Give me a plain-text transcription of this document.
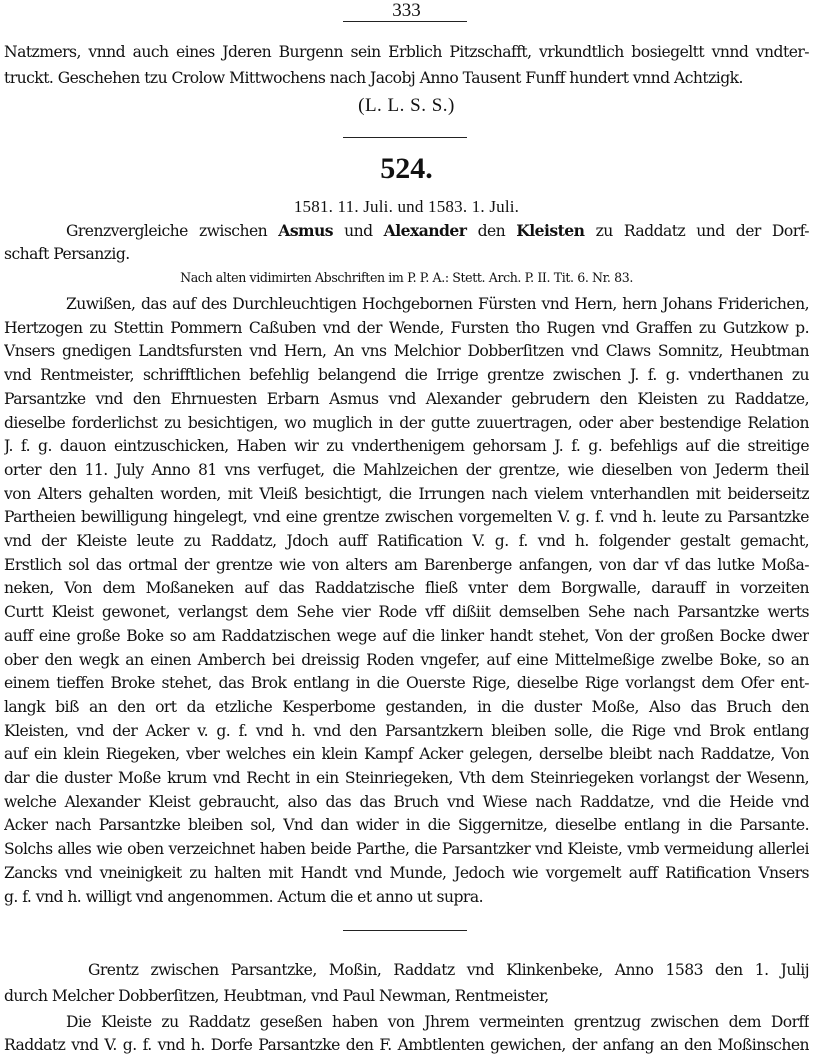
333
Natzmers, vnnd auch eines Jderen Burgenn sein Erblich Pitzschafft, vrkundtlich bosiegeltt vnnd vndter-
truckt. Geschehen tzu Crolow Mittwochens nach Jacobj Anno Tausent Funff hundert vnnd Achtzigk.
(L. L. S. S.)
524.
1581. 11. Juli. und 1583. 1. Juli.
Grenzvergleiche zwischen Asmus und Alexander den Kleisten zu Raddatz und der Dorf-
schaft Persanzig.
Nach alten vidimirten Abschriften im P. P. A.: Stett. Arch. P. II. Tit. 6. Nr. 83.
Zuwißen, das auf des Durchleuchtigen Hochgebornen Fürsten vnd Hern, hern Johans Friderichen,
Hertzogen zu Stettin Pommern Caßuben vnd der Wende, Fursten tho Rugen vnd Graffen zu Gutzkow p.
Vnsers gnedigen Landtsfursten vnd Hern, An vns Melchior Dobberſitzen vnd Claws Somnitz, Heubtman
vnd Rentmeister, schrifftlichen befehlig belangend die Irrige grentze zwischen J. f. g. vnderthanen zu
Parsantzke vnd den Ehrnuesten Erbarn Asmus vnd Alexander gebrudern den Kleisten zu Raddatze,
dieselbe forderlichst zu besichtigen, wo muglich in der gutte zuuertragen, oder aber bestendige Relation
J. f. g. dauon eintzuschicken, Haben wir zu vnderthenigem gehorsam J. f. g. befehligs auf die streitige
orter den 11. July Anno 81 vns verfuget, die Mahlzeichen der grentze, wie dieselben von Jederm theil
von Alters gehalten worden, mit Vleiß besichtigt, die Irrungen nach vielem vnterhandlen mit beiderseitz
Partheien bewilligung hingelegt, vnd eine grentze zwischen vorgemelten V. g. f. vnd h. leute zu Parsantzke
vnd der Kleiste leute zu Raddatz, Jdoch auff Ratification V. g. f. vnd h. folgender gestalt gemacht,
Erstlich sol das ortmal der grentze wie von alters am Barenberge anfangen, von dar vf das lutke Moßa-
neken, Von dem Moßaneken auf das Raddatzische fließ vnter dem Borgwalle, darauff in vorzeiten
Curtt Kleist gewonet, verlangst dem Sehe vier Rode vff dißiit demselben Sehe nach Parsantzke werts
auff eine große Boke so am Raddatzischen wege auf die linker handt stehet, Von der großen Bocke dwer
ober den wegk an einen Amberch bei dreissig Roden vngefer, auf eine Mittelmeßige zwelbe Boke, so an
einem tieffen Broke stehet, das Brok entlang in die Ouerste Rige, dieselbe Rige vorlangst dem Ofer ent-
langk biß an den ort da etzliche Kesperbome gestanden, in die duster Moße, Also das Bruch den
Kleisten, vnd der Acker v. g. f. vnd h. vnd den Parsantzkern bleiben solle, die Rige vnd Brok entlang
auf ein klein Riegeken, vber welches ein klein Kampf Acker gelegen, derselbe bleibt nach Raddatze, Von
dar die duster Moße krum vnd Recht in ein Steinriegeken, Vth dem Steinriegeken vorlangst der Wesenn,
welche Alexander Kleist gebraucht, also das das Bruch vnd Wiese nach Raddatze, vnd die Heide vnd
Acker nach Parsantzke bleiben sol, Vnd dan wider in die Siggernitze, dieselbe entlang in die Parsante.
Solchs alles wie oben verzeichnet haben beide Parthe, die Parsantzker vnd Kleiste, vmb vermeidung allerlei
Zancks vnd vneinigkeit zu halten mit Handt vnd Munde, Jedoch wie vorgemelt auff Ratification Vnsers
g. f. vnd h. willigt vnd angenommen. Actum die et anno ut supra.
Grentz zwischen Parsantzke, Moßin, Raddatz vnd Klinkenbeke, Anno 1583 den 1. Julij
durch Melcher Dobberſitzen, Heubtman, vnd Paul Newman, Rentmeister,
Die Kleiste zu Raddatz geseßen haben von Jhrem vermeinten grentzug zwischen dem Dorff
Raddatz vnd V. g. f. vnd h. Dorfe Parsantzke den F. Ambtlenten gewichen, der anfang an den Moßinschen
